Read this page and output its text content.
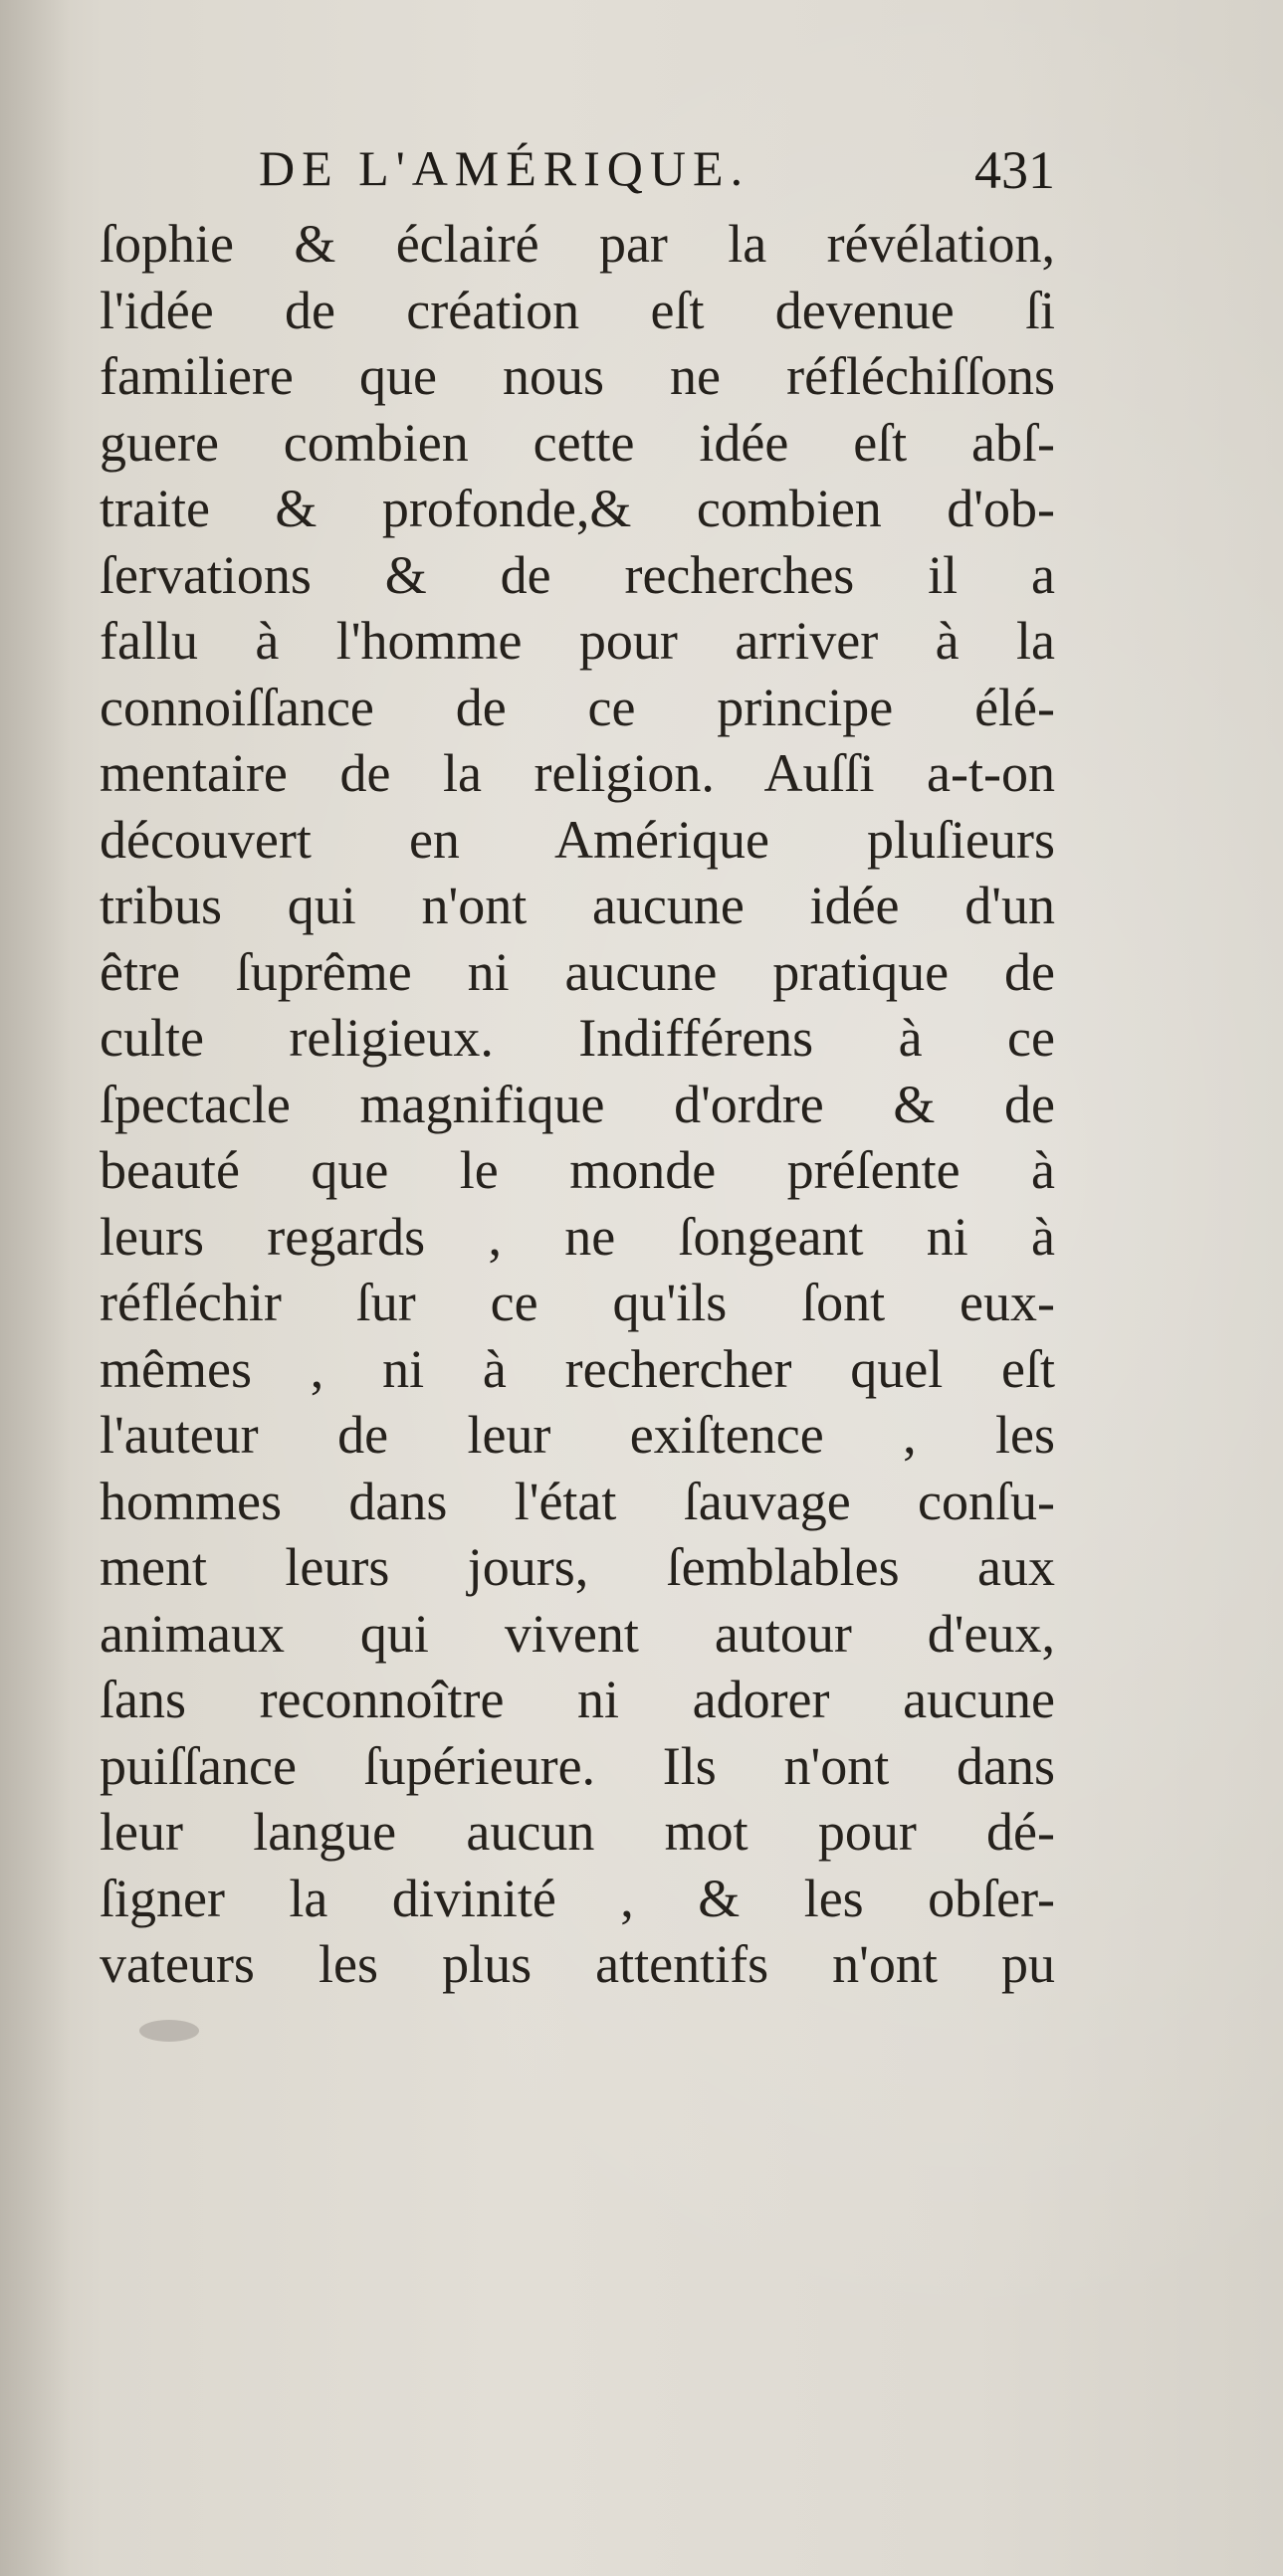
DE L'AMÉRIQUE.	431
ſophie & éclairé par la révélation,
l'idée de création eſt devenue ſi
familiere que nous ne réfléchiſſons
guere combien cette idée eſt abſ-
traite & profonde,& combien d'ob-
ſervations & de recherches il a
fallu à l'homme pour arriver à la
connoiſſance de ce principe élé-
mentaire de la religion. Auſſi a-t-on
découvert en Amérique pluſieurs
tribus qui n'ont aucune idée d'un
être ſuprême ni aucune pratique de
culte religieux. Indifférens à ce
ſpectacle magnifique d'ordre & de
beauté que le monde préſente à
leurs regards , ne ſongeant ni à
réfléchir ſur ce qu'ils ſont eux-
mêmes , ni à rechercher quel eſt
l'auteur de leur exiſtence , les
hommes dans l'état ſauvage conſu-
ment leurs jours, ſemblables aux
animaux qui vivent autour d'eux,
ſans reconnoître ni adorer aucune
puiſſance ſupérieure. Ils n'ont dans
leur langue aucun mot pour dé-
ſigner la divinité , & les obſer-
vateurs les plus attentifs n'ont pu
